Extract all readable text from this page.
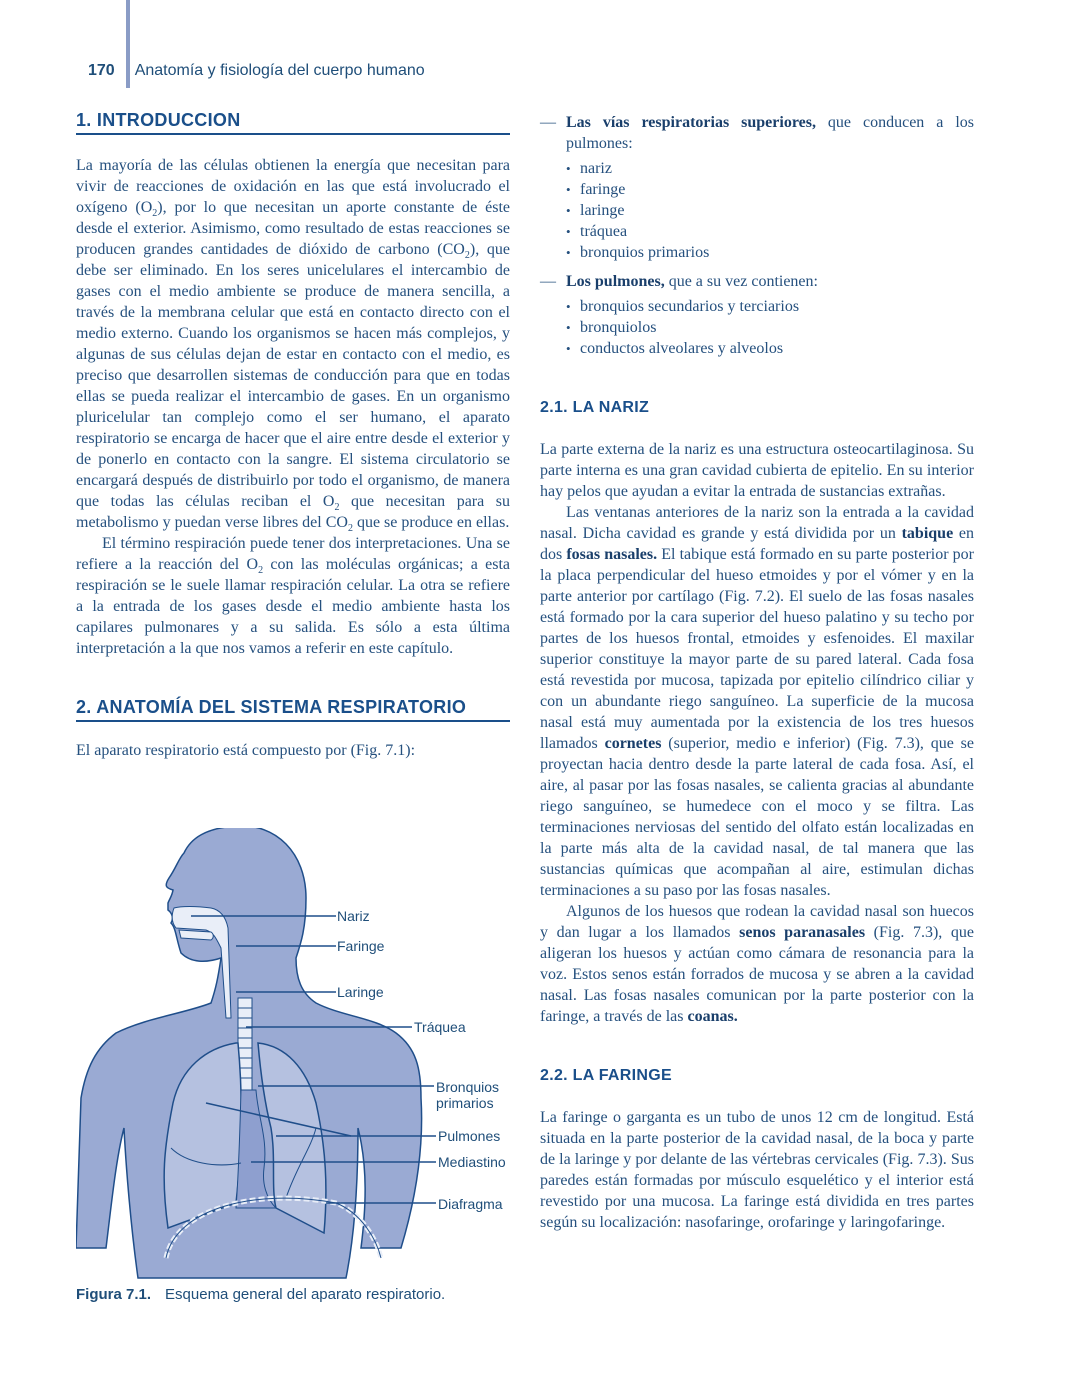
170 Anatomía y fisiología del cuerpo humano
1. INTRODUCCION

La mayoría de las células obtienen la energía que necesitan para vivir de reacciones de oxidación en las que está involucrado el oxígeno $(O_2)$, por lo que necesitan un aporte constante de éste desde el exterior. Asimismo, como resultado de estas reacciones se producen grandes cantidades de dióxido de carbono $(CO_2)$, que debe ser eliminado. En los seres unicelulares el intercambio de gases con el medio ambiente se produce de manera sencilla, a través de la membrana celular que está en contacto directo con el medio externo. Cuando los organismos se hacen más complejos, y algunas de sus células dejan de estar en contacto con el medio, es preciso que desarrollen sistemas de conducción para que en todas ellas se pueda realizar el intercambio de gases. En un organismo pluricelular tan complejo como el ser humano, el aparato respiratorio se encarga de hacer que el aire entre desde el exterior y de ponerlo en contacto con la sangre. El sistema circulatorio se encargará después de distribuirlo por todo el organismo, de manera que todas las células reciban el $O_2$ que necesitan para su metabolismo y puedan verse libres del $CO_2$ que se produce en ellas.

El término respiración puede tener dos interpretaciones. Una se refiere a la reacción del $O_2$ con las moléculas orgánicas; a esta respiración se le suele llamar respiración celular. La otra se refiere a la entrada de los gases desde el medio ambiente hasta los capilares pulmonares y a su salida. Es sólo a esta última interpretación a la que nos vamos a referir en este capítulo.

2. ANATOMÍA DEL SISTEMA RESPIRATORIO

El aparato respiratorio está compuesto por (Fig. 7.1):

Nariz
Faringe
Laringe
Tráquea
Bronquios
primarios
Pulmones
Mediastino
Diafragma
Figura 7.1. Esquema general del aparato respiratorio.
— Las vías respiratorias superiores, que conducen a los pulmones:
• nariz
• faringe
• laringe
• tráquea
• bronquios primarios
— Los pulmones, que a su vez contienen:
• bronquios secundarios y terciarios
• bronquiolos
• conductos alveolares y alveolos
2.1. LA NARIZ

La parte externa de la nariz es una estructura osteocartilaginosa. Su parte interna es una gran cavidad cubierta de epitelio. En su interior hay pelos que ayudan a evitar la entrada de sustancias extrañas.

Las ventanas anteriores de la nariz son la entrada a la cavidad nasal. Dicha cavidad es grande y está dividida por un tabique en dos fosas nasales. El tabique está formado en su parte posterior por la placa perpendicular del hueso etmoides y por el vómer y en la parte anterior por cartílago (Fig. 7.2). El suelo de las fosas nasales está formado por la cara superior del hueso palatino y su techo por partes de los huesos frontal, etmoides y esfenoides. El maxilar superior constituye la mayor parte de su pared lateral. Cada fosa está revestida por mucosa, tapizada por epitelio cilíndrico ciliar y con un abundante riego sanguíneo. La superficie de la mucosa nasal está muy aumentada por la existencia de los tres huesos llamados cornetes (superior, medio e inferior) (Fig. 7.3), que se proyectan hacia dentro desde la parte lateral de cada fosa. Así, el aire, al pasar por las fosas nasales, se calienta gracias al abundante riego sanguíneo, se humedece con el moco y se filtra. Las terminaciones nerviosas del sentido del olfato están localizadas en la parte más alta de la cavidad nasal, de tal manera que las sustancias químicas que acompañan al aire, estimulan dichas terminaciones a su paso por las fosas nasales.

Algunos de los huesos que rodean la cavidad nasal son huecos y dan lugar a los llamados senos paranasales (Fig. 7.3), que aligeran los huesos y actúan como cámara de resonancia para la voz. Estos senos están forrados de mucosa y se abren a la cavidad nasal. Las fosas nasales comunican por la parte posterior con la faringe, a través de las coanas.

2.2. LA FARINGE

La faringe o garganta es un tubo de unos 12 cm de longitud. Está situada en la parte posterior de la cavidad nasal, de la boca y parte de la laringe y por delante de las vértebras cervicales (Fig. 7.3). Sus paredes están formadas por músculo esquelético y el interior está revestido por una mucosa. La faringe está dividida en tres partes según su localización: nasofaringe, orofaringe y laringofaringe.
